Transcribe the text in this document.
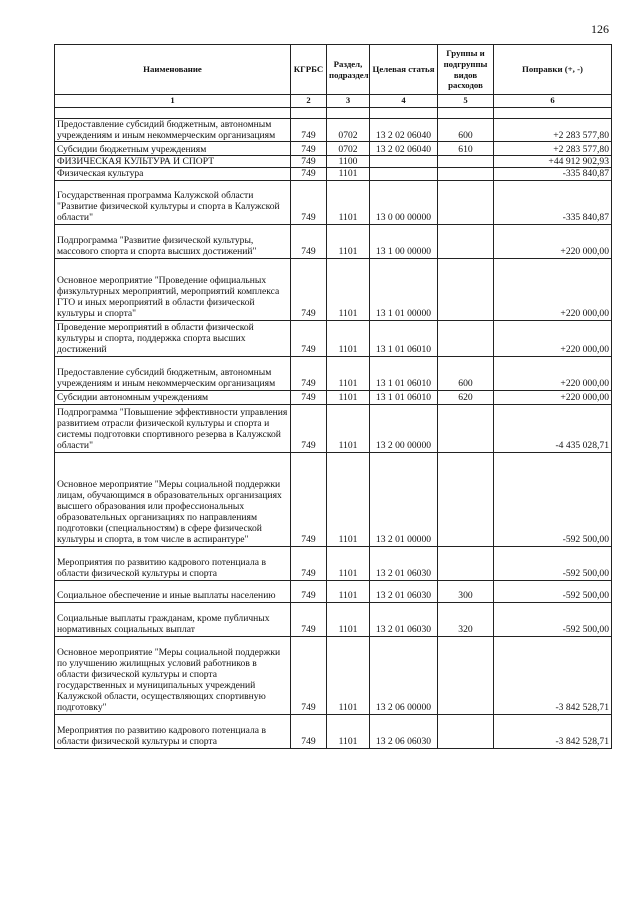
126
Наименование	КГРБС	Раздел, подраздел	Целевая статья	Группы и подгруппы видов расходов	Поправки (+, -)
1	2	3	4	5	6

Предоставление субсидий бюджетным, автономным учреждениям и иным некоммерческим организациям	749	0702	13 2 02 06040	600	+2 283 577,80
Субсидии бюджетным учреждениям	749	0702	13 2 02 06040	610	+2 283 577,80
ФИЗИЧЕСКАЯ КУЛЬТУРА И СПОРТ	749	1100			+44 912 902,93
Физическая культура	749	1101			-335 840,87
Государственная программа Калужской области "Развитие физической культуры и спорта в Калужской области"	749	1101	13 0 00 00000		-335 840,87
Подпрограмма "Развитие физической культуры, массового спорта и спорта высших достижений"	749	1101	13 1 00 00000		+220 000,00
Основное мероприятие "Проведение официальных физкультурных мероприятий, мероприятий комплекса ГТО и иных мероприятий в области физической культуры и спорта"	749	1101	13 1 01 00000		+220 000,00
Проведение мероприятий в области физической культуры и спорта, поддержка спорта высших достижений	749	1101	13 1 01 06010		+220 000,00
Предоставление субсидий бюджетным, автономным учреждениям и иным некоммерческим организациям	749	1101	13 1 01 06010	600	+220 000,00
Субсидии автономным учреждениям	749	1101	13 1 01 06010	620	+220 000,00
Подпрограмма "Повышение эффективности управления развитием отрасли физической культуры и спорта и системы подготовки спортивного резерва в Калужской области"	749	1101	13 2 00 00000		-4 435 028,71
Основное мероприятие "Меры социальной поддержки лицам, обучающимся в образовательных организациях высшего образования или профессиональных образовательных организациях по направлениям подготовки (специальностям) в сфере физической культуры и спорта, в том числе в аспирантуре"	749	1101	13 2 01 00000		-592 500,00
Мероприятия по развитию кадрового потенциала в области физической культуры и спорта	749	1101	13 2 01 06030		-592 500,00
Социальное обеспечение и иные выплаты населению	749	1101	13 2 01 06030	300	-592 500,00
Социальные выплаты гражданам, кроме публичных нормативных социальных выплат	749	1101	13 2 01 06030	320	-592 500,00
Основное мероприятие "Меры социальной поддержки по улучшению жилищных условий работников в области физической культуры и спорта государственных и муниципальных учреждений Калужской области, осуществляющих спортивную подготовку"	749	1101	13 2 06 00000		-3 842 528,71
Мероприятия по развитию кадрового потенциала в области физической культуры и спорта	749	1101	13 2 06 06030		-3 842 528,71
